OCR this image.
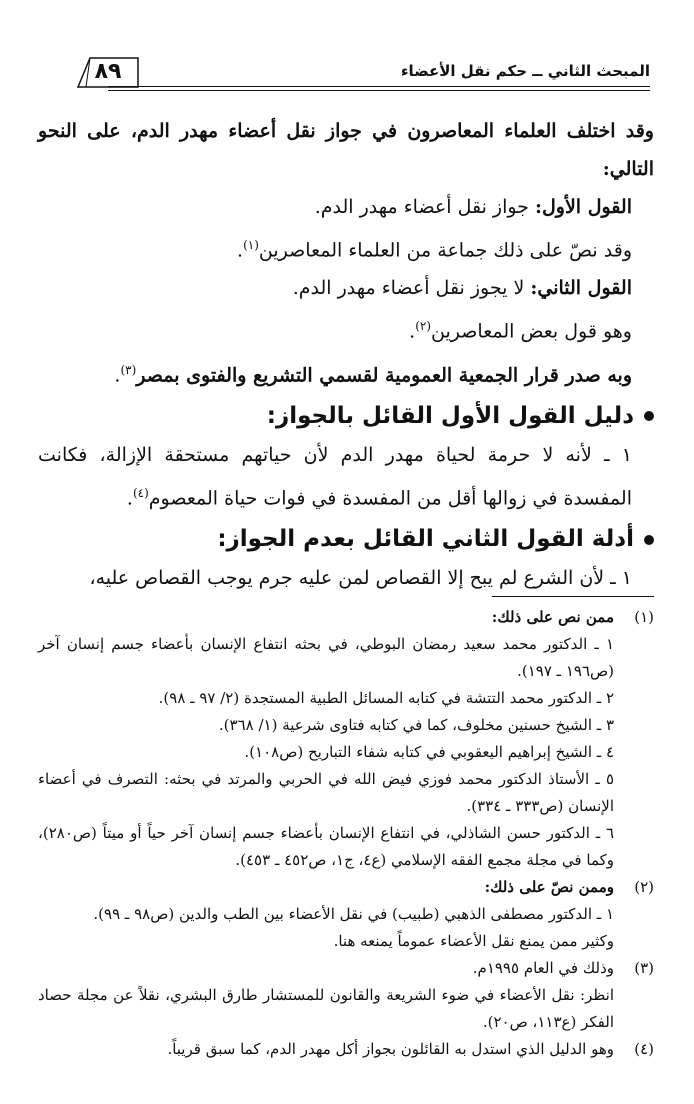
المبحث الثاني ــ حكم نقل الأعضاء
٨٩

وقد اختلف العلماء المعاصرون في جواز نقل أعضاء مهدر الدم، على النحو التالي:

القول الأول: جواز نقل أعضاء مهدر الدم.

وقد نصّ على ذلك جماعة من العلماء المعاصرين$^{(١)}$.

القول الثاني: لا يجوز نقل أعضاء مهدر الدم.

وهو قول بعض المعاصرين$^{(٢)}$.

وبه صدر قرار الجمعية العمومية لقسمي التشريع والفتوى بمصر$^{(٣)}$.

دليل القول الأول القائل بالجواز:

١ ـ لأنه لا حرمة لحياة مهدر الدم لأن حياتهم مستحقة الإزالة، فكانت المفسدة في زوالها أقل من المفسدة في فوات حياة المعصوم$^{(٤)}$.

أدلة القول الثاني القائل بعدم الجواز:

١ ـ لأن الشرع لم يبح إلا القصاص لمن عليه جرم يوجب القصاص عليه،

(١)

ممن نص على ذلك:

١ ـ الدكتور محمد سعيد رمضان البوطي، في بحثه انتفاع الإنسان بأعضاء جسم إنسان آخر (ص١٩٦ ـ ١٩٧).

٢ ـ الدكتور محمد التتشة في كتابه المسائل الطبية المستجدة (٢/ ٩٧ ـ ٩٨).

٣ ـ الشيخ حسنين مخلوف، كما في كتابه فتاوى شرعية (١/ ٣٦٨).

٤ ـ الشيخ إبراهيم اليعقوبي في كتابه شفاء التباريح (ص١٠٨).

٥ ـ الأستاذ الدكتور محمد فوزي فيض الله في الحربي والمرتد في بحثه: التصرف في أعضاء الإنسان (ص٣٣٣ ـ ٣٣٤).

٦ ـ الدكتور حسن الشاذلي، في انتفاع الإنسان بأعضاء جسم إنسان آخر حياً أو ميتاً (ص٢٨٠)، وكما في مجلة مجمع الفقه الإسلامي (ع٤، ج١، ص٤٥٢ ـ ٤٥٣).

(٢)

وممن نصّ على ذلك:

١ ـ الدكتور مصطفى الذهبي (طبيب) في نقل الأعضاء بين الطب والدين (ص٩٨ ـ ٩٩).

وكثير ممن يمنع نقل الأعضاء عموماً يمنعه هنا.

(٣)

وذلك في العام ١٩٩٥م.

انظر: نقل الأعضاء في ضوء الشريعة والقانون للمستشار طارق البشري، نقلاً عن مجلة حصاد الفكر (ع١١٣، ص٢٠).

(٤)

وهو الدليل الذي استدل به القائلون بجواز أكل مهدر الدم، كما سبق قريباً.
